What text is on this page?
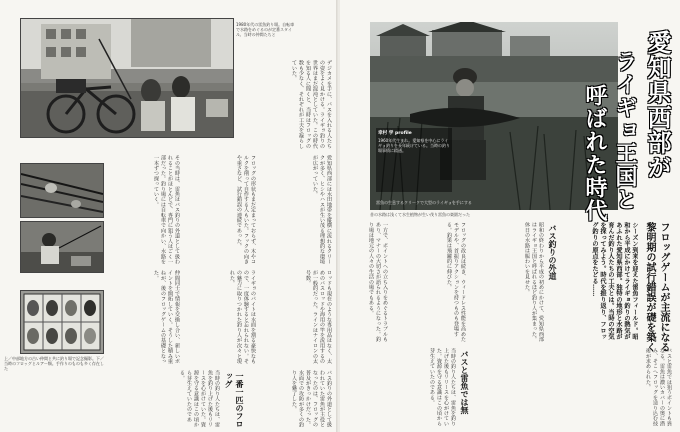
1980年代の雷魚釣り場。自転車で水路をめぐるのが定番スタイル。当時の仲間たちと
上／中部地方の古い仲間と共に釣り場で記念撮影。下／当時のフロッグとルアー類。手作りのものも多く存在した
デジカメを手に、バスを入れる人たちの姿をよく見かける。ライギョ釣りの世界はまだ混沌としていた。この時代を知る人に聞くと、当時はフロッグの数も少なく、それぞれが工夫を凝らしていた。
その当時は、雷魚はバス釣りの外道として扱われることがほとんどで、専門に狙う人はごく一部だった。釣り場には自転車で向かい、水路を一本ずつ探っていく。	フロッグの形状もまだ定まっておらず、木やコルクを削って自作する人もいた。フックの向きや重さなど、試行錯誤の連続であった。	愛知県西部には水田地帯を縦横に流れるクリークが多く、ヒシやハスが生い茂る理想的な環境が広がっていた。
仲間同士で情報を交換し合い、新しいポイントを開拓していく。そうした積み重ねが、後のフロッグゲームの基礎となった。	ライギョのバイトは水面を割る豪快なもので、一度体験すると忘れられない。その魅力に取りつかれた釣り人が次々と現れた。	ロッドも現在のような専用品はなく、太めのバスロッドや海用の竿を流用するのが一般的だった。ラインはナイロンの太号数。
一番一匹のフロッグ
当時の釣り人たちは、雷魚を釣り上げた後もリリースを心がけていた。資源を守る意識はこの頃から芽生えていたのである。	バス釣りの外道として扱われていた雷魚が主役となったのは、フロッグの普及がきっかけだった。水面での攻防が多くの釣り人を魅了した。
雷魚の生息するクリークで大型のライギョを手にする
幸村 学 profile
1960年代生まれ。愛知県を中心にライギョ釣りを長年続けている。当時の釣り場事情に精通。
昔の水路は浅くて水生植物が生い茂り雷魚の楽園だった
愛知県西部が
ライギョ王国と
呼ばれた時代
フロッグゲームが主流になる
黎明期の試行錯誤が礎を築く
シーズン到来を迎えた雷魚フィールド。昭和から平成にかけてライギョ釣りの熱気があふれた愛知県西部。独特の地形と水路が育んだ釣り人たちの工夫とは。当時の空気を探ってみよう。時代を振り返り、フロッグ釣りの原点をたどる……
バス釣りの外道
昭和の終わりから平成の初めにかけて、愛知県西部はライギョ王国と呼ばれるほど釣り人が集まった。休日の水路は賑わいを見せた。
フロッグの改良は続き、ウィードレス性能を高めたモデルや、首振りアクションを持つものも登場する。釣果は飛躍的に伸びた。
一方で、ポイントへの立ち入りをめぐるトラブルもあり、マナーの大切さが語られるようになった。釣り場は地元の人々の生活の場でもある。
バスと雷魚では無	バスと雷魚では狙うポイントも異なる。雷魚は濃いカバーの奥に潜み、そこへフロッグを送り込む技術が求められた。
当時の釣り人たちは、雷魚を釣り上げた後もリリースを心がけていた。資源を守る意識はこの頃から芽生えていたのである。
